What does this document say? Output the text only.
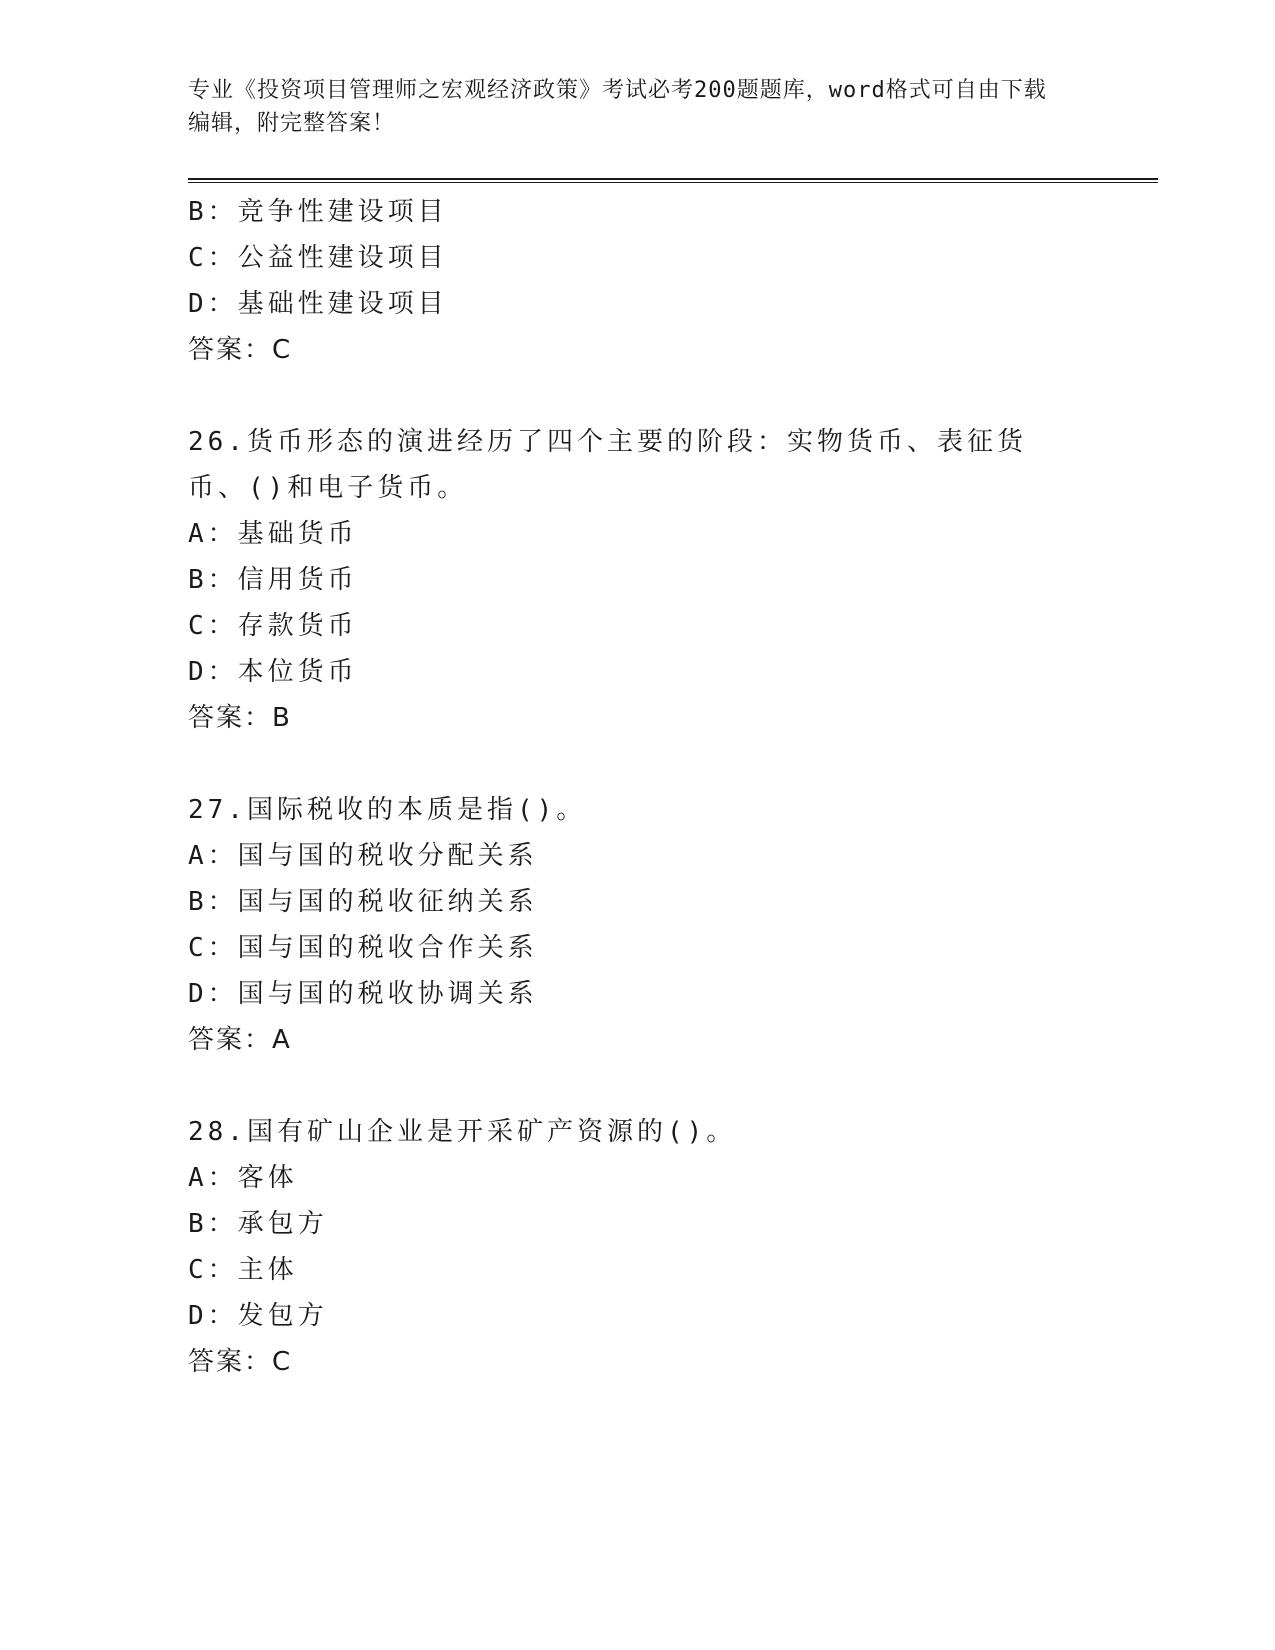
专业《投资项目管理师之宏观经济政策》考试必考200题题库，word格式可自由下载编辑，附完整答案！
B：竞争性建设项目
C：公益性建设项目
D：基础性建设项目
答案：C
26.货币形态的演进经历了四个主要的阶段：实物货币、表征货币、()和电子货币。
A：基础货币
B：信用货币
C：存款货币
D：本位货币
答案：B
27.国际税收的本质是指()。
A：国与国的税收分配关系
B：国与国的税收征纳关系
C：国与国的税收合作关系
D：国与国的税收协调关系
答案：A
28.国有矿山企业是开采矿产资源的()。
A：客体
B：承包方
C：主体
D：发包方
答案：C
